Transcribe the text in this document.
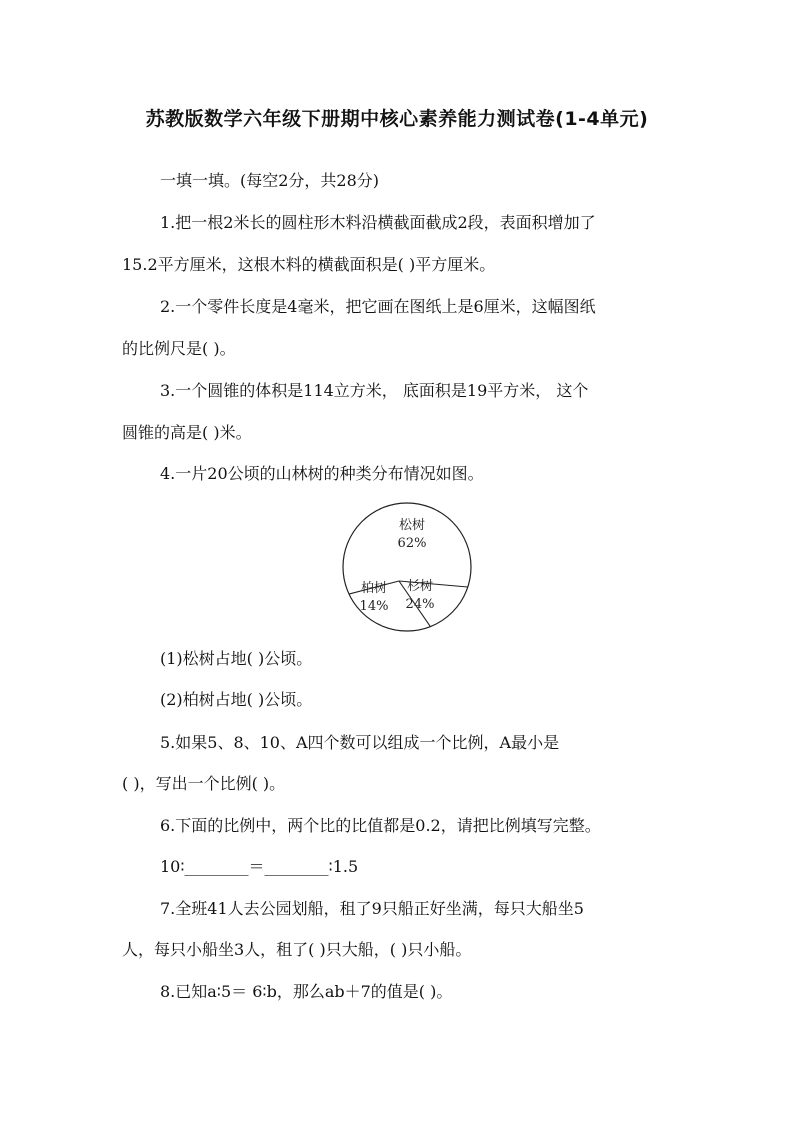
苏教版数学六年级下册期中核心素养能力测试卷(1-4单元)
一填一填。(每空2分，共28分)
1.把一根2米长的圆柱形木料沿横截面截成2段，表面积增加了
15.2平方厘米，这根木料的横截面积是( )平方厘米。
2.一个零件长度是4毫米，把它画在图纸上是6厘米，这幅图纸
的比例尺是( )。
3.一个圆锥的体积是114立方米， 底面积是19平方米， 这个
圆锥的高是( )米。
4.一片20公顷的山林树的种类分布情况如图。
松树
62%
柏树
14%
杉树
24%
(1)松树占地( )公顷。
(2)柏树占地( )公顷。
5.如果5、8、10、A四个数可以组成一个比例，A最小是
( )，写出一个比例( )。
6.下面的比例中，两个比的比值都是0.2，请把比例填写完整。
10∶________＝________∶1.5
7.全班41人去公园划船，租了9只船正好坐满，每只大船坐5
人，每只小船坐3人，租了( )只大船，( )只小船。
8.已知a∶5＝ 6∶b，那么ab＋7的值是( )。
